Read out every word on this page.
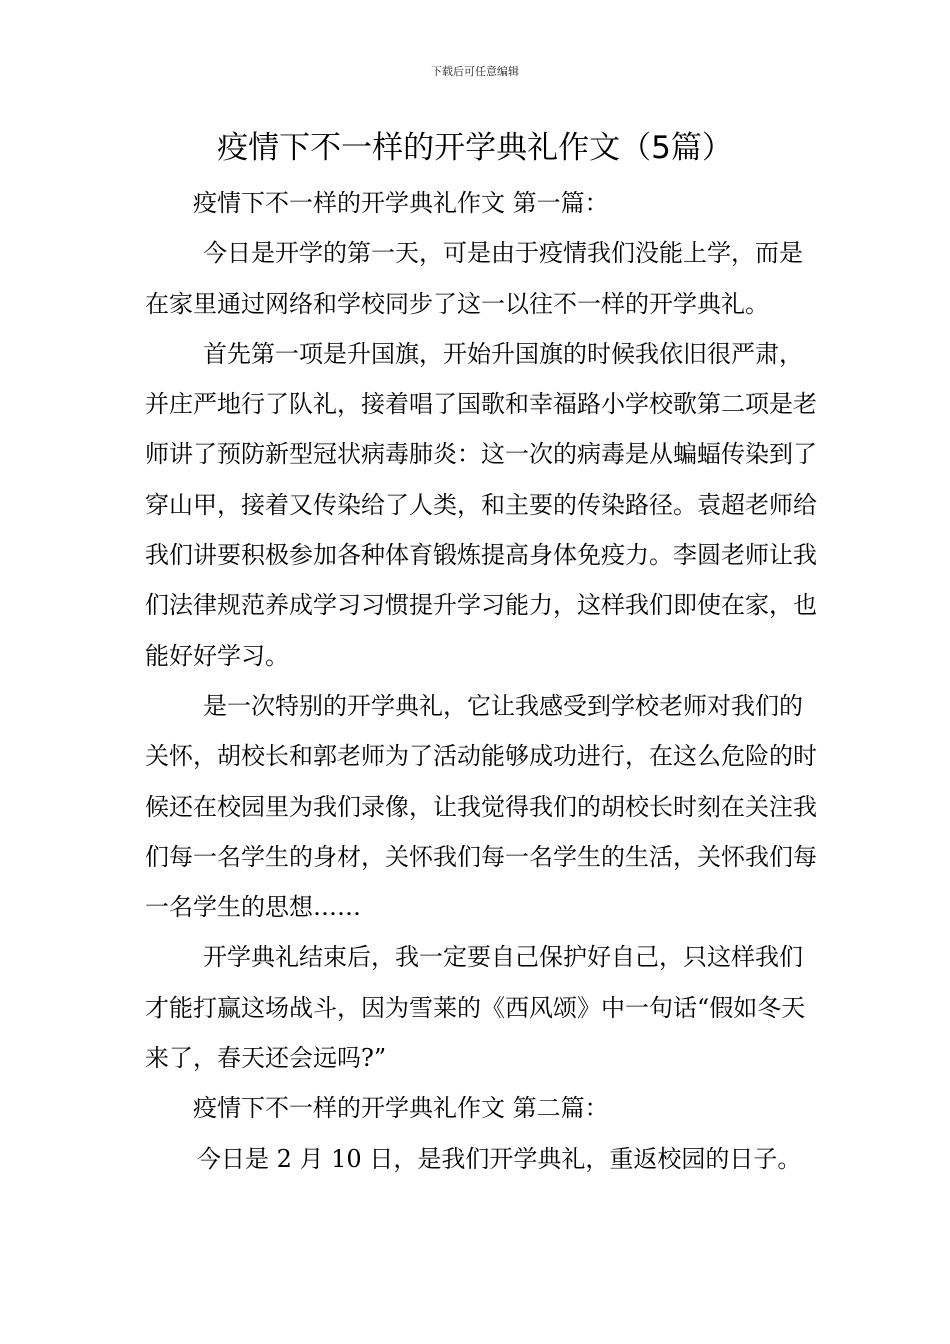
下载后可任意编辑
疫情下不一样的开学典礼作文（5篇）

疫情下不一样的开学典礼作文 第一篇：

今日是开学的第一天，可是由于疫情我们没能上学，而是在家里通过网络和学校同步了这一以往不一样的开学典礼。

首先第一项是升国旗，开始升国旗的时候我依旧很严肃，并庄严地行了队礼，接着唱了国歌和幸福路小学校歌第二项是老师讲了预防新型冠状病毒肺炎：这一次的病毒是从蝙蝠传染到了穿山甲，接着又传染给了人类，和主要的传染路径。袁超老师给我们讲要积极参加各种体育锻炼提高身体免疫力。李圆老师让我们法律规范养成学习习惯提升学习能力，这样我们即使在家，也能好好学习。

是一次特别的开学典礼，它让我感受到学校老师对我们的关怀，胡校长和郭老师为了活动能够成功进行，在这么危险的时候还在校园里为我们录像，让我觉得我们的胡校长时刻在关注我们每一名学生的身材，关怀我们每一名学生的生活，关怀我们每一名学生的思想……

开学典礼结束后，我一定要自己保护好自己，只这样我们才能打赢这场战斗，因为雪莱的《西风颂》中一句话“假如冬天来了，春天还会远吗?”

疫情下不一样的开学典礼作文 第二篇：

今日是 2 月 10 日，是我们开学典礼，重返校园的日子。
